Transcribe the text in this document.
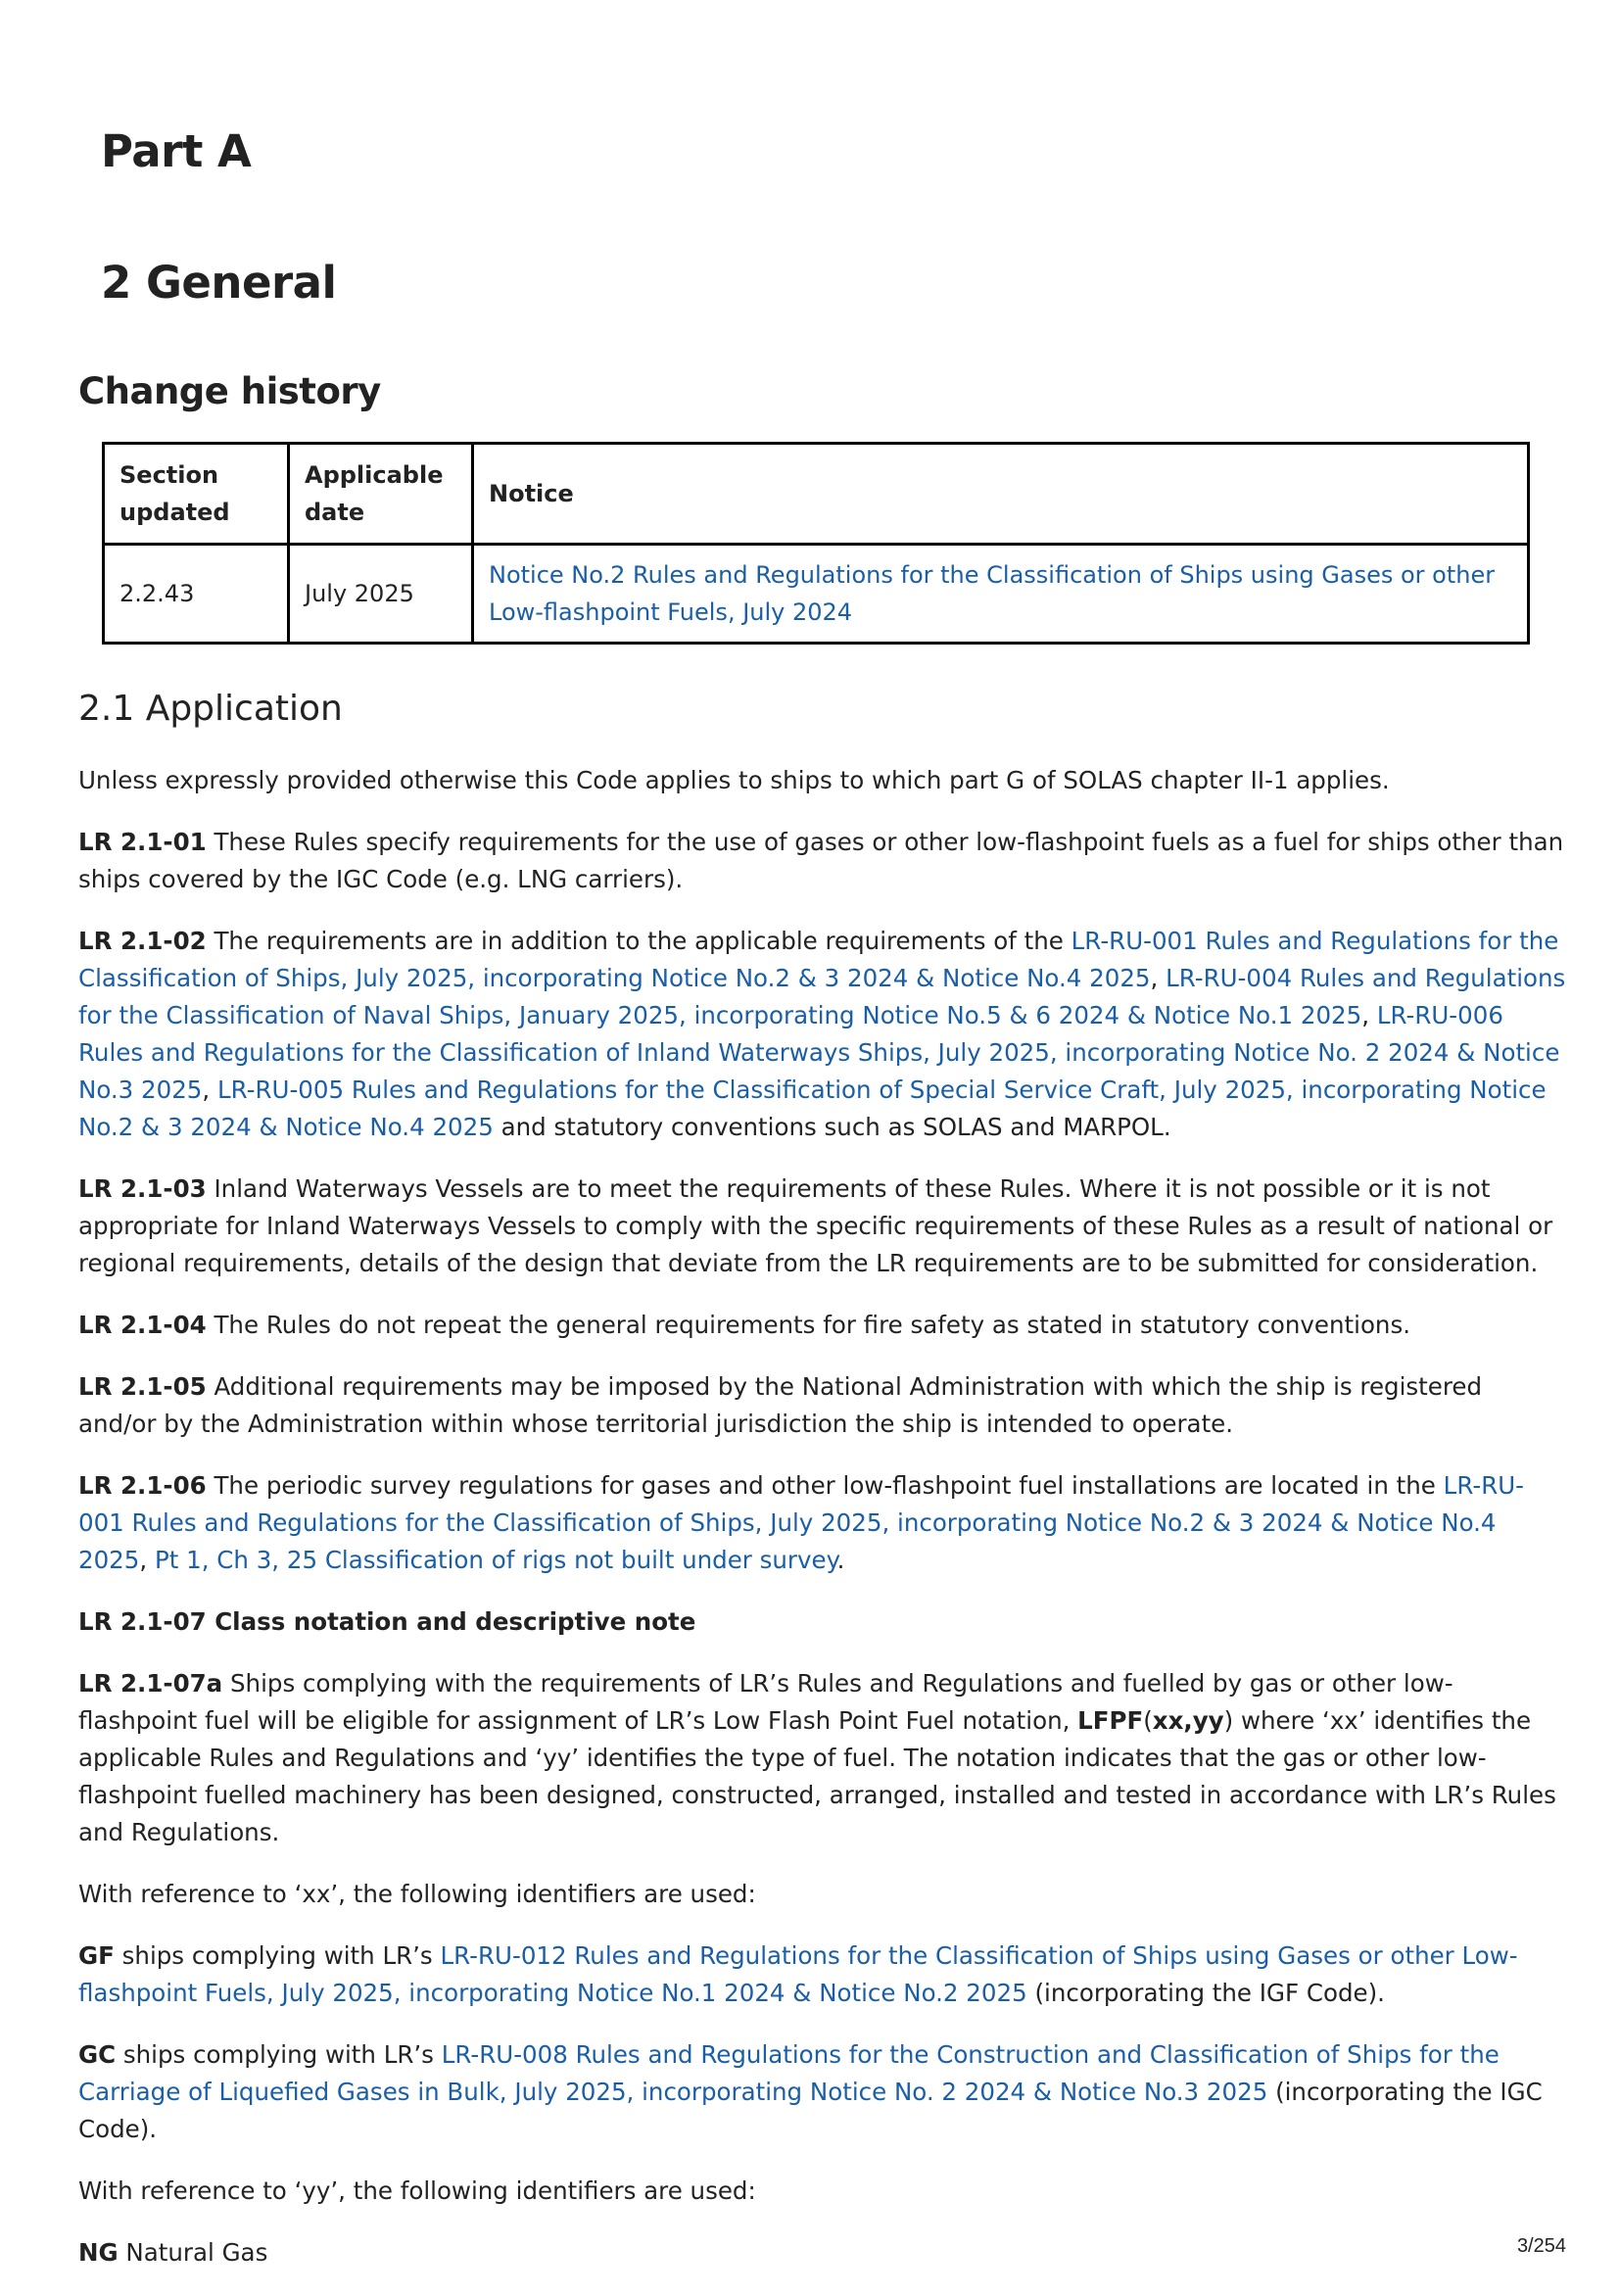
Part A
2 General
Change history
Section updated	Applicable date	Notice
2.2.43	July 2025	Notice No.2 Rules and Regulations for the Classification of Ships using Gases or other Low-flashpoint Fuels, July 2024
2.1 Application

Unless expressly provided otherwise this Code applies to ships to which part G of SOLAS chapter II-1 applies.

LR 2.1-01 These Rules specify requirements for the use of gases or other low-flashpoint fuels as a fuel for ships other than ships covered by the IGC Code (e.g. LNG carriers).

LR 2.1-02 The requirements are in addition to the applicable requirements of the LR-RU-001 Rules and Regulations for the Classification of Ships, July 2025, incorporating Notice No.2 & 3 2024 & Notice No.4 2025, LR-RU-004 Rules and Regulations for the Classification of Naval Ships, January 2025, incorporating Notice No.5 & 6 2024 & Notice No.1 2025, LR-RU-006 Rules and Regulations for the Classification of Inland Waterways Ships, July 2025, incorporating Notice No. 2 2024 & Notice No.3 2025, LR-RU-005 Rules and Regulations for the Classification of Special Service Craft, July 2025, incorporating Notice No.2 & 3 2024 & Notice No.4 2025 and statutory conventions such as SOLAS and MARPOL.

LR 2.1-03 Inland Waterways Vessels are to meet the requirements of these Rules. Where it is not possible or it is not appropriate for Inland Waterways Vessels to comply with the specific requirements of these Rules as a result of national or regional requirements, details of the design that deviate from the LR requirements are to be submitted for consideration.

LR 2.1-04 The Rules do not repeat the general requirements for fire safety as stated in statutory conventions.

LR 2.1-05 Additional requirements may be imposed by the National Administration with which the ship is registered and/or by the Administration within whose territorial jurisdiction the ship is intended to operate.

LR 2.1-06 The periodic survey regulations for gases and other low-flashpoint fuel installations are located in the LR-RU-001 Rules and Regulations for the Classification of Ships, July 2025, incorporating Notice No.2 & 3 2024 & Notice No.4 2025, Pt 1, Ch 3, 25 Classification of rigs not built under survey.

LR 2.1-07 Class notation and descriptive note

LR 2.1-07a Ships complying with the requirements of LR’s Rules and Regulations and fuelled by gas or other low-flashpoint fuel will be eligible for assignment of LR’s Low Flash Point Fuel notation, LFPF(xx,yy) where ‘xx’ identifies the applicable Rules and Regulations and ‘yy’ identifies the type of fuel. The notation indicates that the gas or other low-flashpoint fuelled machinery has been designed, constructed, arranged, installed and tested in accordance with LR’s Rules and Regulations.

With reference to ‘xx’, the following identifiers are used:

GF ships complying with LR’s LR-RU-012 Rules and Regulations for the Classification of Ships using Gases or other Low-flashpoint Fuels, July 2025, incorporating Notice No.1 2024 & Notice No.2 2025 (incorporating the IGF Code).

GC ships complying with LR’s LR-RU-008 Rules and Regulations for the Construction and Classification of Ships for the Carriage of Liquefied Gases in Bulk, July 2025, incorporating Notice No. 2 2024 & Notice No.3 2025 (incorporating the IGC Code).

With reference to ‘yy’, the following identifiers are used:

NG Natural Gas	3/254
